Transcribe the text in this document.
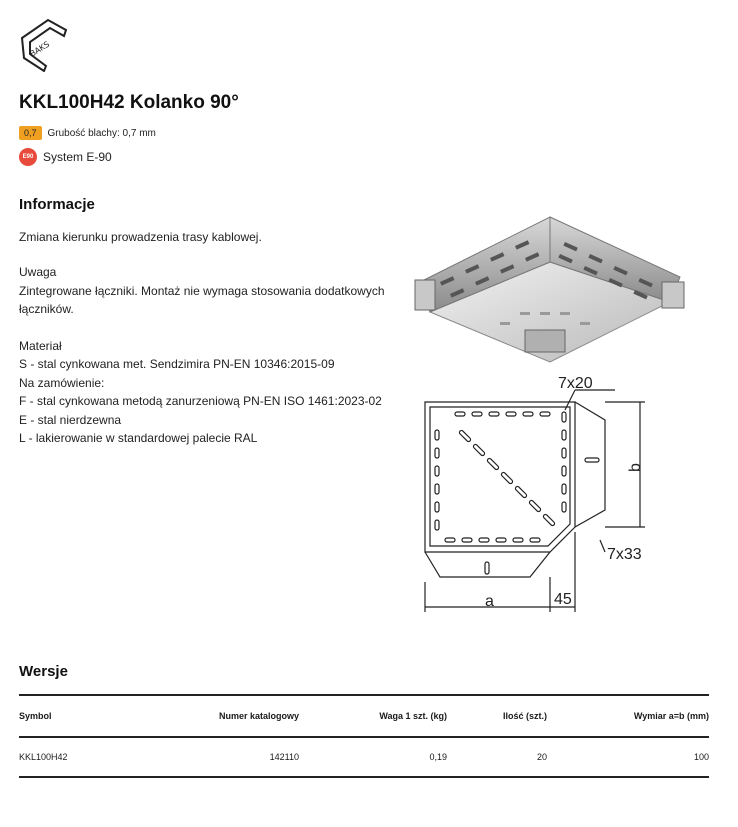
BAKS
KKL100H42 Kolanko 90°
0,7	Grubość blachy: 0,7 mm
E90 System E-90
Informacje

Zmiana kierunku prowadzenia trasy kablowej.

Uwaga

Zintegrowane łączniki. Montaż nie wymaga stosowania dodatkowych

łączników.

Materiał

S - stal cynkowana met. Sendzimira PN-EN 10346:2015-09

Na zamówienie:

F - stal cynkowana metodą zanurzeniową PN-EN ISO 1461:2023-02

E - stal nierdzewna

L - lakierowanie w standardowej palecie RAL

7x20
7x33
b
a	45
Wersje
Symbol	Numer katalogowy	Waga 1 szt. (kg)	Ilość (szt.)	Wymiar a=b (mm)
KKL100H42	142110	0,19	20	100
